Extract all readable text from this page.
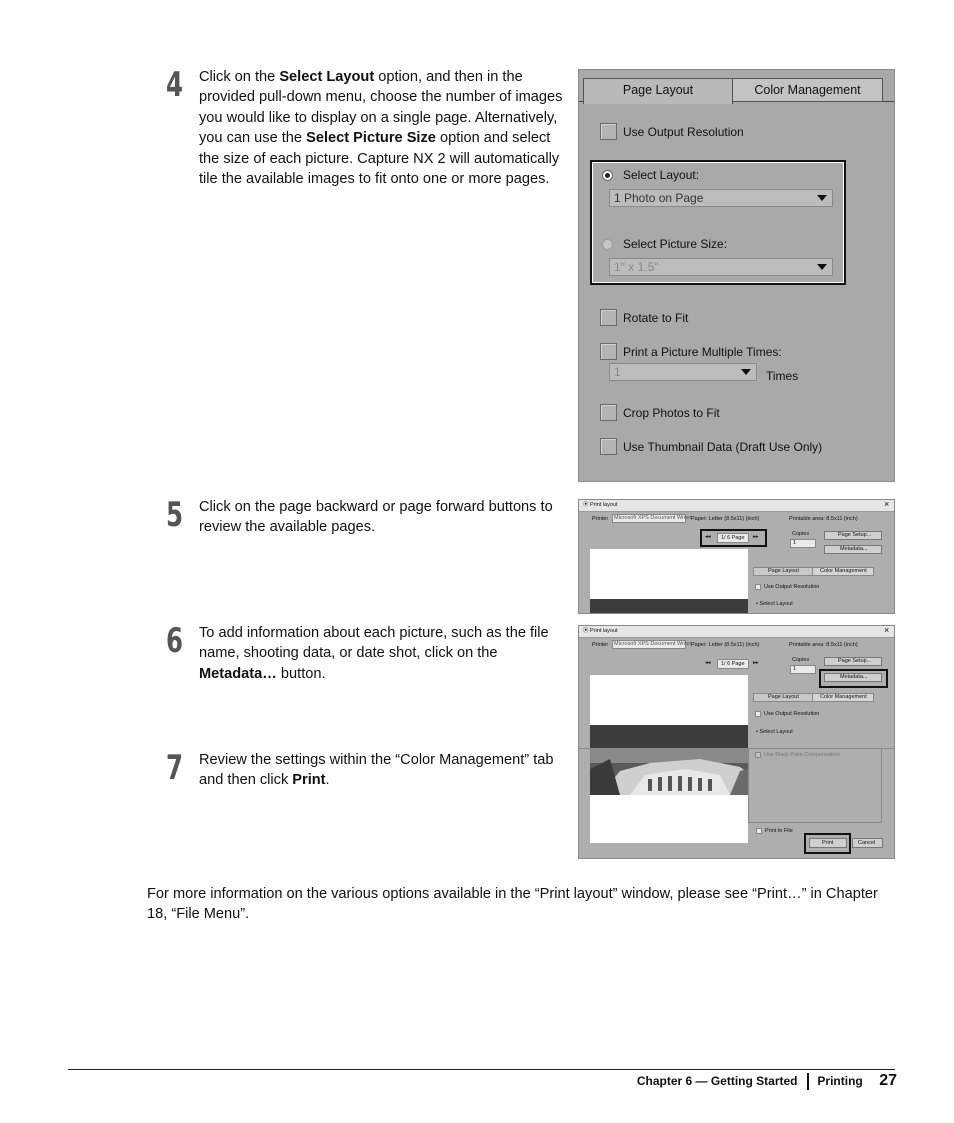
4 Click on the Select Layout option, and then in the provided pull-down menu, choose the number of images you would like to display on a single page. Alternatively, you can use the Select Picture Size option and select the size of each picture. Capture NX 2 will automatically tile the available images to fit onto one or more pages.
5 Click on the page backward or page forward buttons to review the available pages.
6 To add information about each picture, such as the file name, shooting data, or date shot, click on the Metadata… button.
7 Review the settings within the “Color Management” tab and then click Print.
Page Layout	Color Management
Use Output Resolution
Select Layout:
1 Photo on Page
Select Picture Size:
1" x 1.5"
Rotate to Fit
Print a Picture Multiple Times:
1	Times
Crop Photos to Fit
Use Thumbnail Data (Draft Use Only)
⦿ Print layout	×
Printer Microsoft XPS Document Writer Paper: Letter (8.5x11) (inch)	Printable area: 8.5x11 (inch)
◂◂ 1/ 6 Page ▸▸	Copies
1
Page Setup...
Metadata...
Page Layout	Color Management
Use Output Resolution
• Select Layout
⦿ Print layout	×
Printer Microsoft XPS Document Writer Paper: Letter (8.5x11) (inch)	Printable area: 8.5x11 (inch)
◂◂ 1/ 6 Page ▸▸	Copies
1
Page Setup...
Metadata...
Page Layout	Color Management
Use Output Resolution
• Select Layout
Use Black Point Compensation
Print to File
Print	Cancel
For more information on the various options available in the “Print layout” window, please see “Print…” in Chapter 18, “File Menu”.
Chapter 6 — Getting Started Printing 27
